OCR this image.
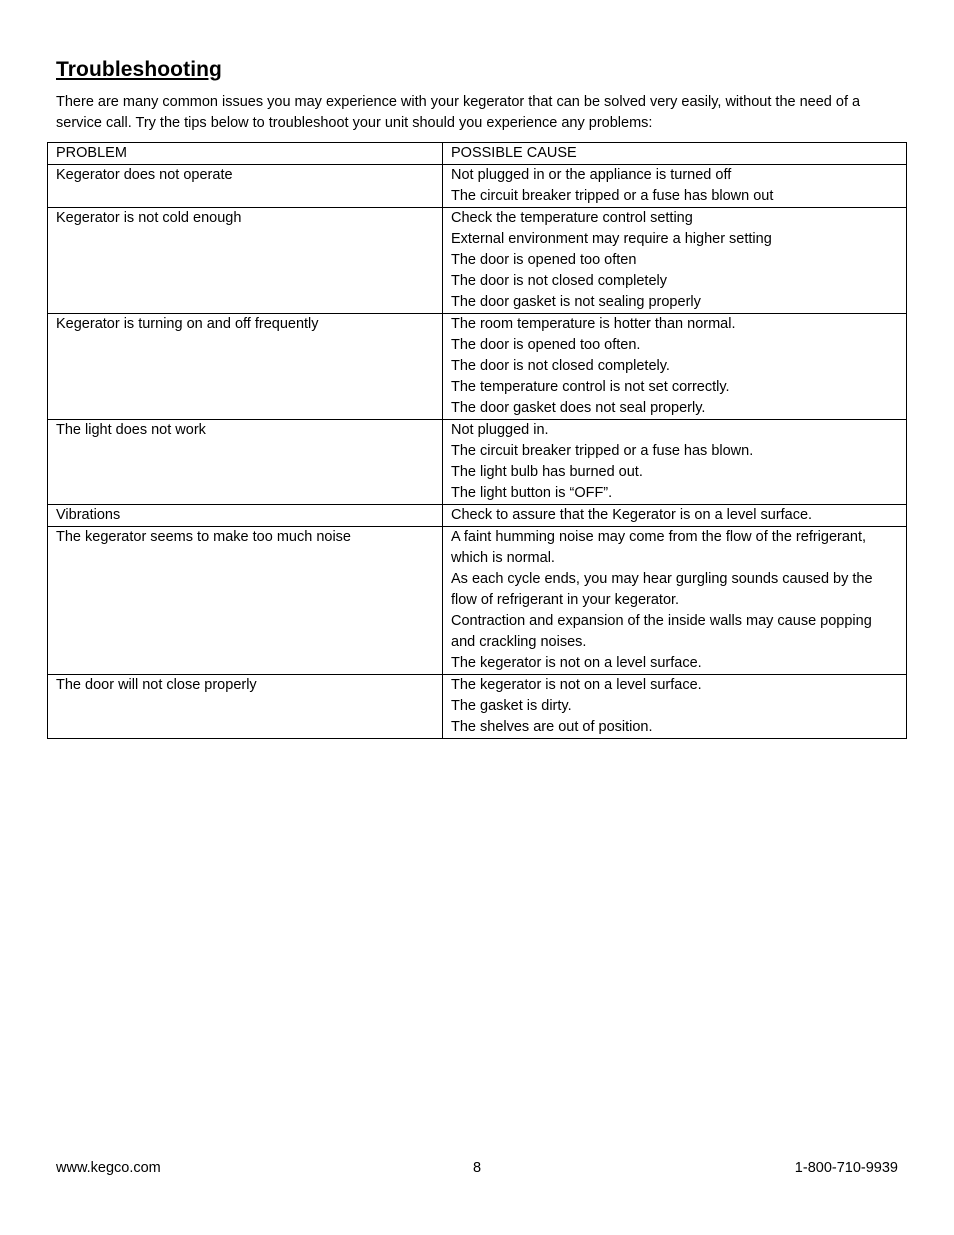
Troubleshooting
There are many common issues you may experience with your kegerator that can be solved very easily, without the need of a service call. Try the tips below to troubleshoot your unit should you experience any problems:
PROBLEM	POSSIBLE CAUSE
Kegerator does not operate	Not plugged in or the appliance is turned off
The circuit breaker tripped or a fuse has blown out

Kegerator is not cold enough	Check the temperature control setting
External environment may require a higher setting
The door is opened too often
The door is not closed completely
The door gasket is not sealing properly

Kegerator is turning on and off frequently	The room temperature is hotter than normal.
The door is opened too often.
The door is not closed completely.
The temperature control is not set correctly.
The door gasket does not seal properly.

The light does not work	Not plugged in.
The circuit breaker tripped or a fuse has blown.
The light bulb has burned out.
The light button is “OFF”.

Vibrations	Check to assure that the Kegerator is on a level surface.

The kegerator seems to make too much noise	A faint humming noise may come from the flow of the refrigerant, which is normal.
As each cycle ends, you may hear gurgling sounds caused by the flow of refrigerant in your kegerator.
Contraction and expansion of the inside walls may cause popping and crackling noises.
The kegerator is not on a level surface.

The door will not close properly	The kegerator is not on a level surface.
The gasket is dirty.
The shelves are out of position.
www.kegco.com	8	1-800-710-9939
